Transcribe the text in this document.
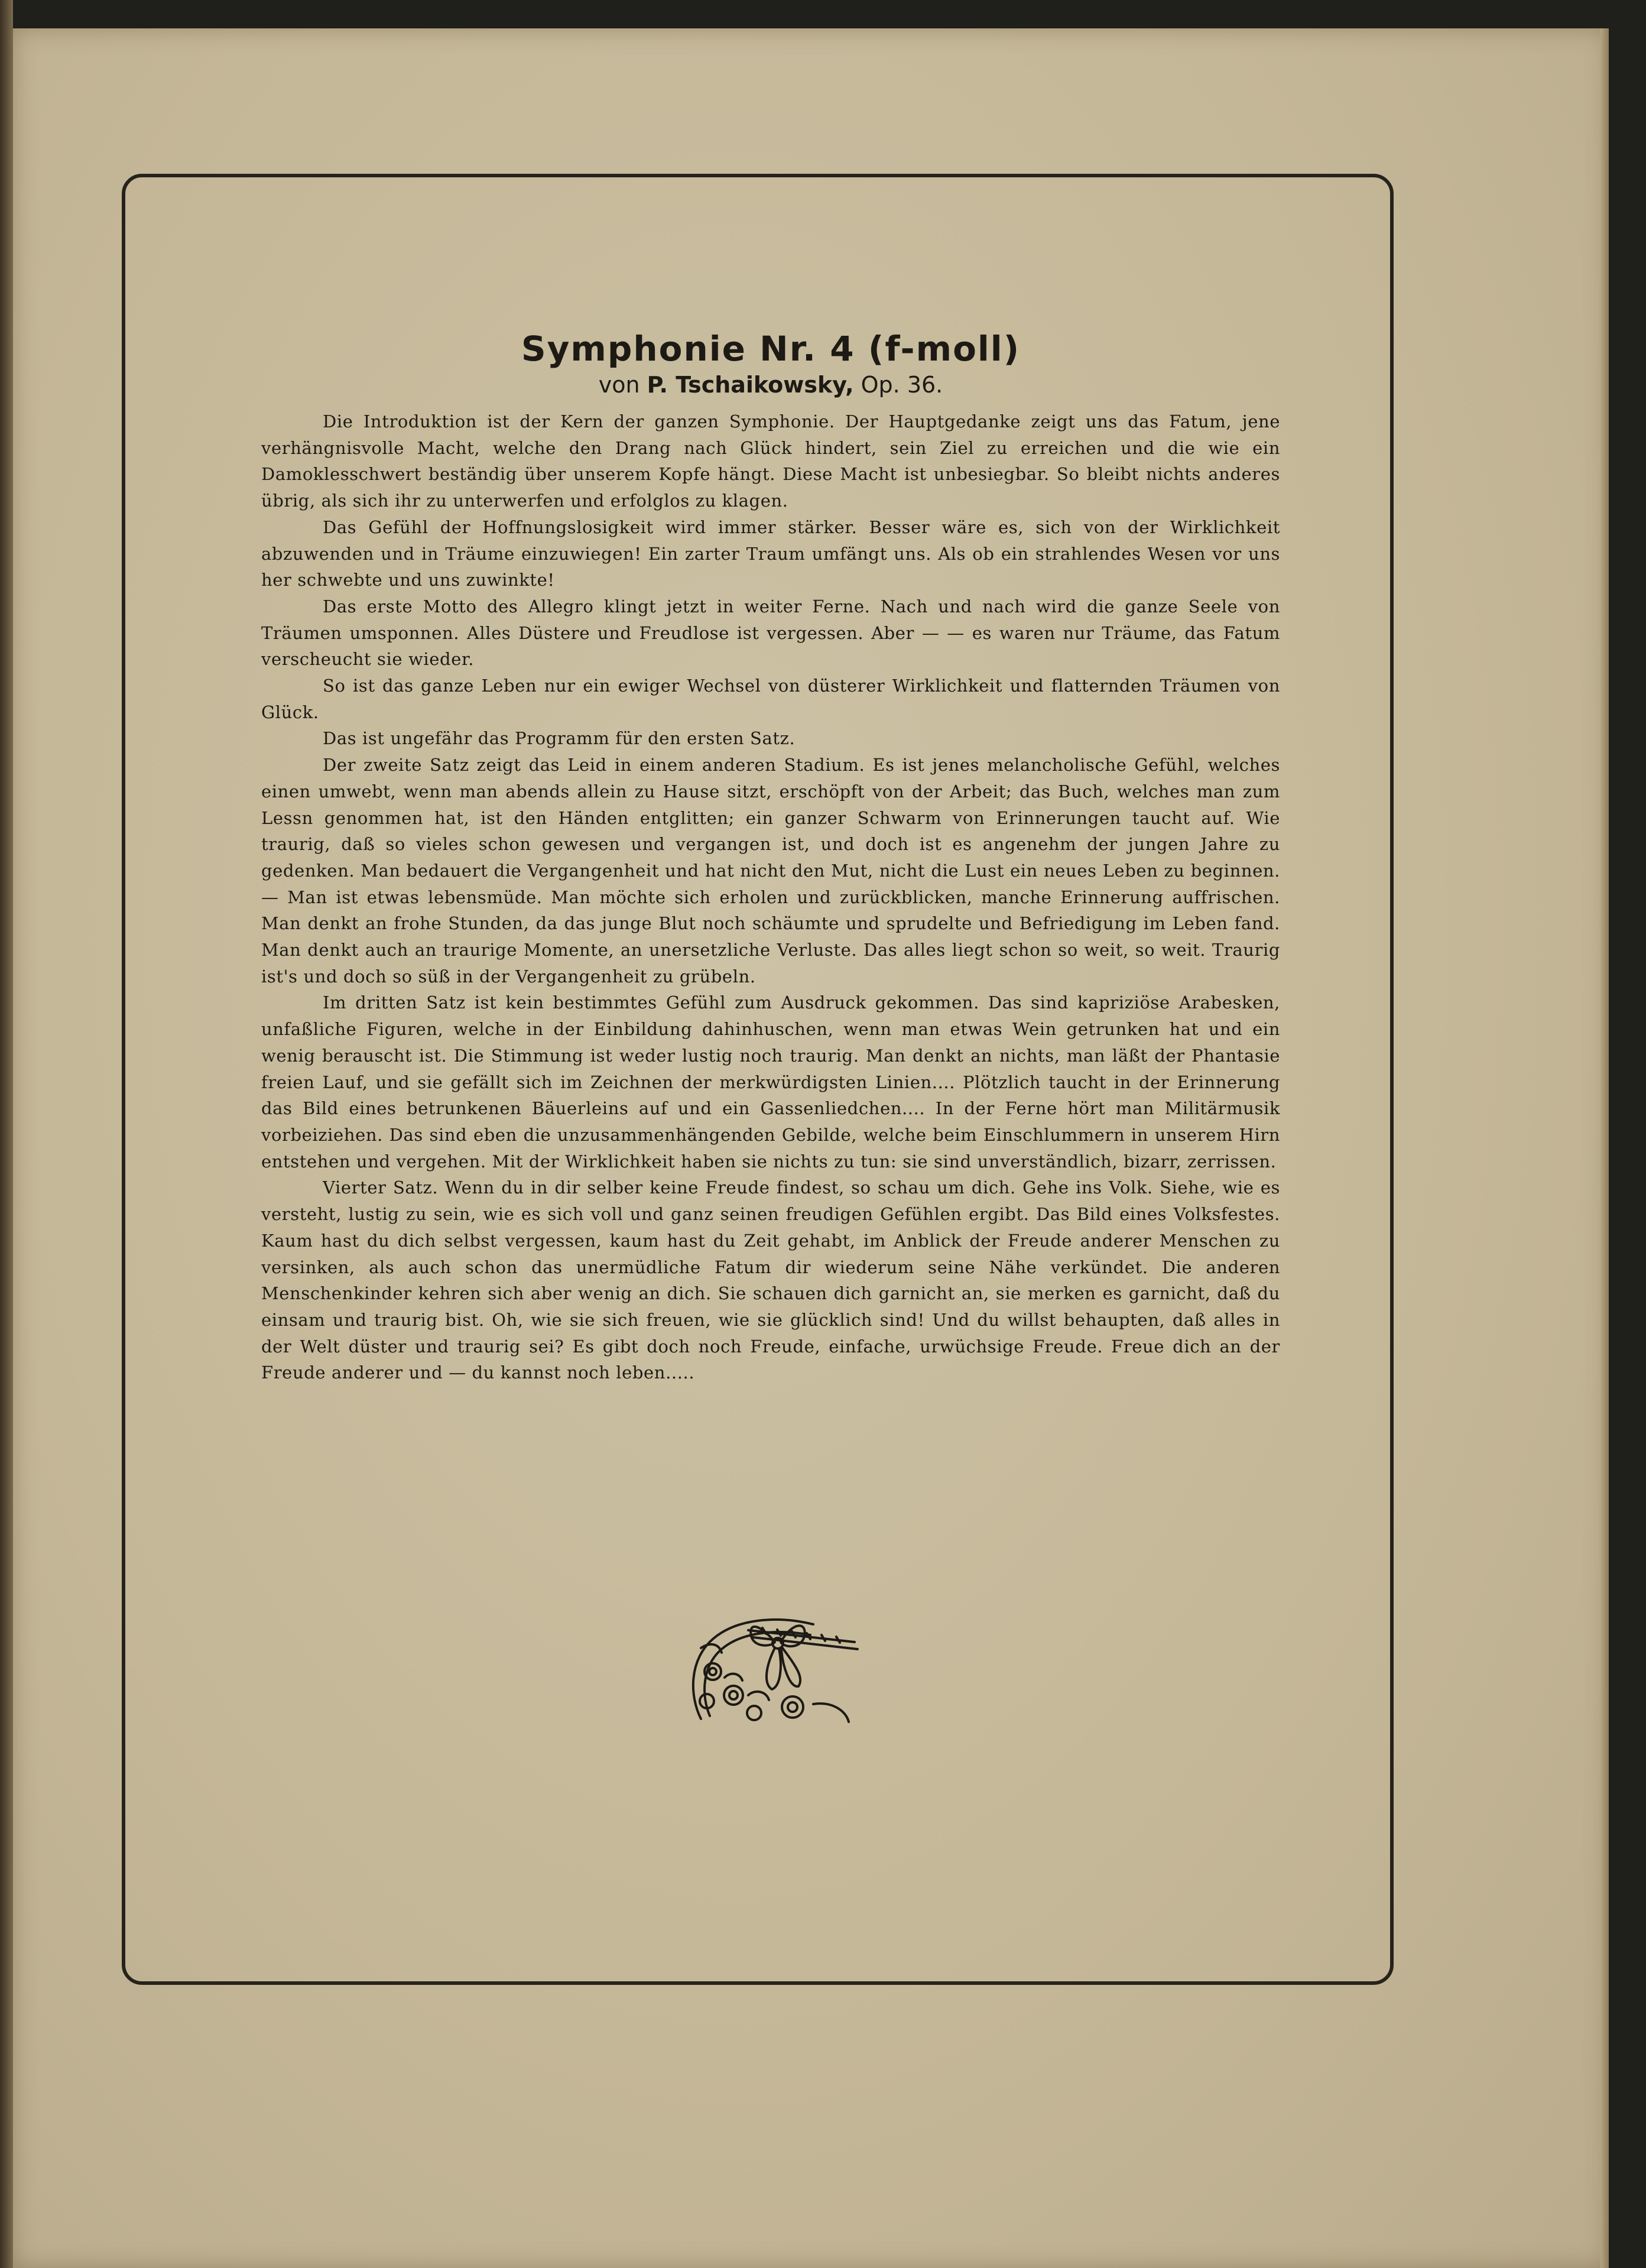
Symphonie Nr. 4 (f-moll)

von P. Tschaikowsky, Op. 36.

Die Introduktion ist der Kern der ganzen Symphonie. Der Hauptgedanke zeigt uns das Fatum, jene verhängnisvolle Macht, welche den Drang nach Glück hindert, sein Ziel zu erreichen und die wie ein Damoklesschwert beständig über unserem Kopfe hängt. Diese Macht ist unbesiegbar. So bleibt nichts anderes übrig, als sich ihr zu unterwerfen und erfolglos zu klagen.

Das Gefühl der Hoffnungslosigkeit wird immer stärker. Besser wäre es, sich von der Wirklichkeit abzuwenden und in Träume einzuwiegen! Ein zarter Traum umfängt uns. Als ob ein strahlendes Wesen vor uns her schwebte und uns zuwinkte!

Das erste Motto des Allegro klingt jetzt in weiter Ferne. Nach und nach wird die ganze Seele von Träumen umsponnen. Alles Düstere und Freudlose ist vergessen. Aber — — es waren nur Träume, das Fatum verscheucht sie wieder.

So ist das ganze Leben nur ein ewiger Wechsel von düsterer Wirklichkeit und flatternden Träumen von Glück.

Das ist ungefähr das Programm für den ersten Satz.

Der zweite Satz zeigt das Leid in einem anderen Stadium. Es ist jenes melancholische Gefühl, welches einen umwebt, wenn man abends allein zu Hause sitzt, erschöpft von der Arbeit; das Buch, welches man zum Lessn genommen hat, ist den Händen entglitten; ein ganzer Schwarm von Erinnerungen taucht auf. Wie traurig, daß so vieles schon gewesen und vergangen ist, und doch ist es angenehm der jungen Jahre zu gedenken. Man bedauert die Vergangenheit und hat nicht den Mut, nicht die Lust ein neues Leben zu beginnen. — Man ist etwas lebensmüde. Man möchte sich erholen und zurückblicken, manche Erinnerung auffrischen. Man denkt an frohe Stunden, da das junge Blut noch schäumte und sprudelte und Befriedigung im Leben fand. Man denkt auch an traurige Momente, an unersetzliche Verluste. Das alles liegt schon so weit, so weit. Traurig ist's und doch so süß in der Vergangenheit zu grübeln.

Im dritten Satz ist kein bestimmtes Gefühl zum Ausdruck gekommen. Das sind kapriziöse Arabesken, unfaßliche Figuren, welche in der Einbildung dahinhuschen, wenn man etwas Wein getrunken hat und ein wenig berauscht ist. Die Stimmung ist weder lustig noch traurig. Man denkt an nichts, man läßt der Phantasie freien Lauf, und sie gefällt sich im Zeichnen der merkwürdigsten Linien.... Plötzlich taucht in der Erinnerung das Bild eines betrunkenen Bäuerleins auf und ein Gassenliedchen.... In der Ferne hört man Militärmusik vorbeiziehen. Das sind eben die unzusammenhängenden Gebilde, welche beim Einschlummern in unserem Hirn entstehen und vergehen. Mit der Wirklichkeit haben sie nichts zu tun: sie sind unverständlich, bizarr, zerrissen.

Vierter Satz. Wenn du in dir selber keine Freude findest, so schau um dich. Gehe ins Volk. Siehe, wie es versteht, lustig zu sein, wie es sich voll und ganz seinen freudigen Gefühlen ergibt. Das Bild eines Volksfestes. Kaum hast du dich selbst vergessen, kaum hast du Zeit gehabt, im Anblick der Freude anderer Menschen zu versinken, als auch schon das unermüdliche Fatum dir wiederum seine Nähe verkündet. Die anderen Menschenkinder kehren sich aber wenig an dich. Sie schauen dich garnicht an, sie merken es garnicht, daß du einsam und traurig bist. Oh, wie sie sich freuen, wie sie glücklich sind! Und du willst behaupten, daß alles in der Welt düster und traurig sei? Es gibt doch noch Freude, einfache, urwüchsige Freude. Freue dich an der Freude anderer und — du kannst noch leben.....
